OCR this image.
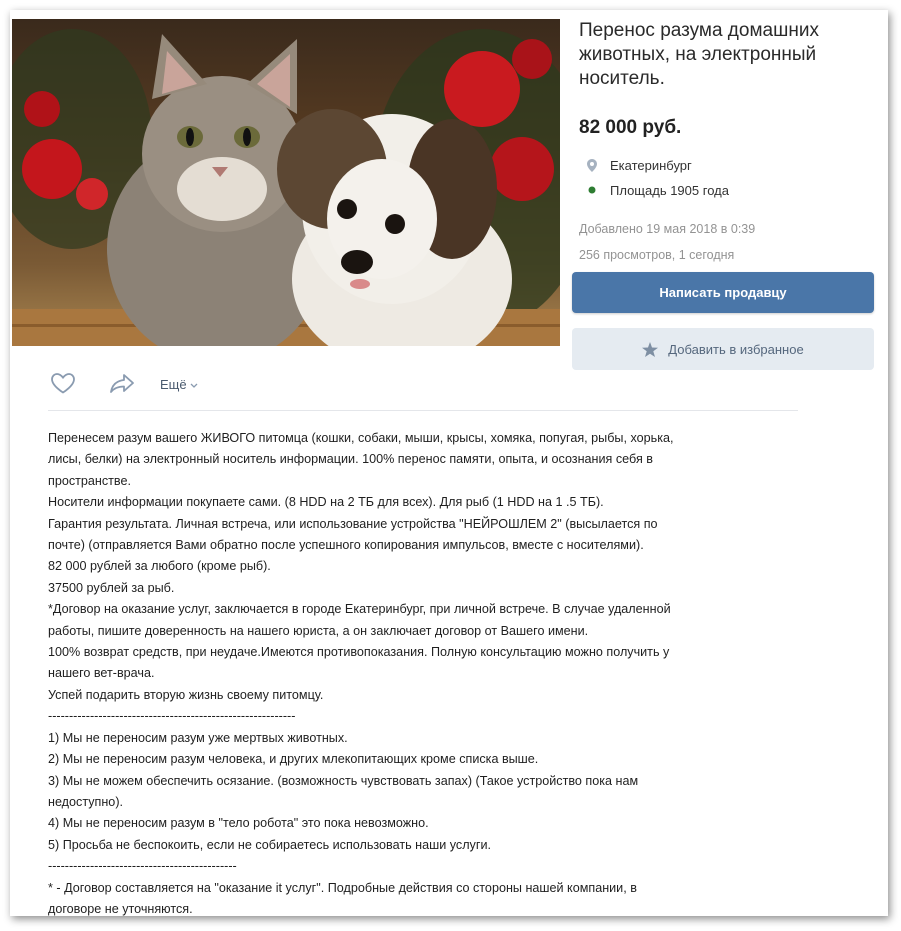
Перенос разума домашних животных, на электронный носитель.
82 000 руб.
Екатеринбург
Площадь 1905 года
Добавлено 19 мая 2018 в 0:39
256 просмотров, 1 сегодня
Написать продавцу
Добавить в избранное
Ещё
Перенесем разум вашего ЖИВОГО питомца (кошки, собаки, мыши, крысы, хомяка, попугая, рыбы, хорька,
лисы, белки) на электронный носитель информации. 100% перенос памяти, опыта, и осознания себя в
пространстве.
Носители информации покупаете сами. (8 HDD на 2 ТБ для всех). Для рыб (1 HDD на 1 .5 ТБ).
Гарантия результата. Личная встреча, или использование устройства "НЕЙРОШЛЕМ 2" (высылается по
почте) (отправляется Вами обратно после успешного копирования импульсов, вместе с носителями).
82 000 рублей за любого (кроме рыб).
37500 рублей за рыб.
*Договор на оказание услуг, заключается в городе Екатеринбург, при личной встрече. В случае удаленной
работы, пишите доверенность на нашего юриста, а он заключает договор от Вашего имени.
100% возврат средств, при неудаче.Имеются противопоказания. Полную консультацию можно получить у
нашего вет-врача.
Успей подарить вторую жизнь своему питомцу.
-----------------------------------------------------------
1) Мы не переносим разум уже мертвых животных.
2) Мы не переносим разум человека, и других млекопитающих кроме списка выше.
3) Мы не можем обеспечить осязание. (возможность чувствовать запах) (Такое устройство пока нам
недоступно).
4) Мы не переносим разум в "тело робота" это пока невозможно.
5) Просьба не беспокоить, если не собираетесь использовать наши услуги.
---------------------------------------------
* - Договор составляется на "оказание it услуг". Подробные действия со стороны нашей компании, в
договоре не уточняются.
